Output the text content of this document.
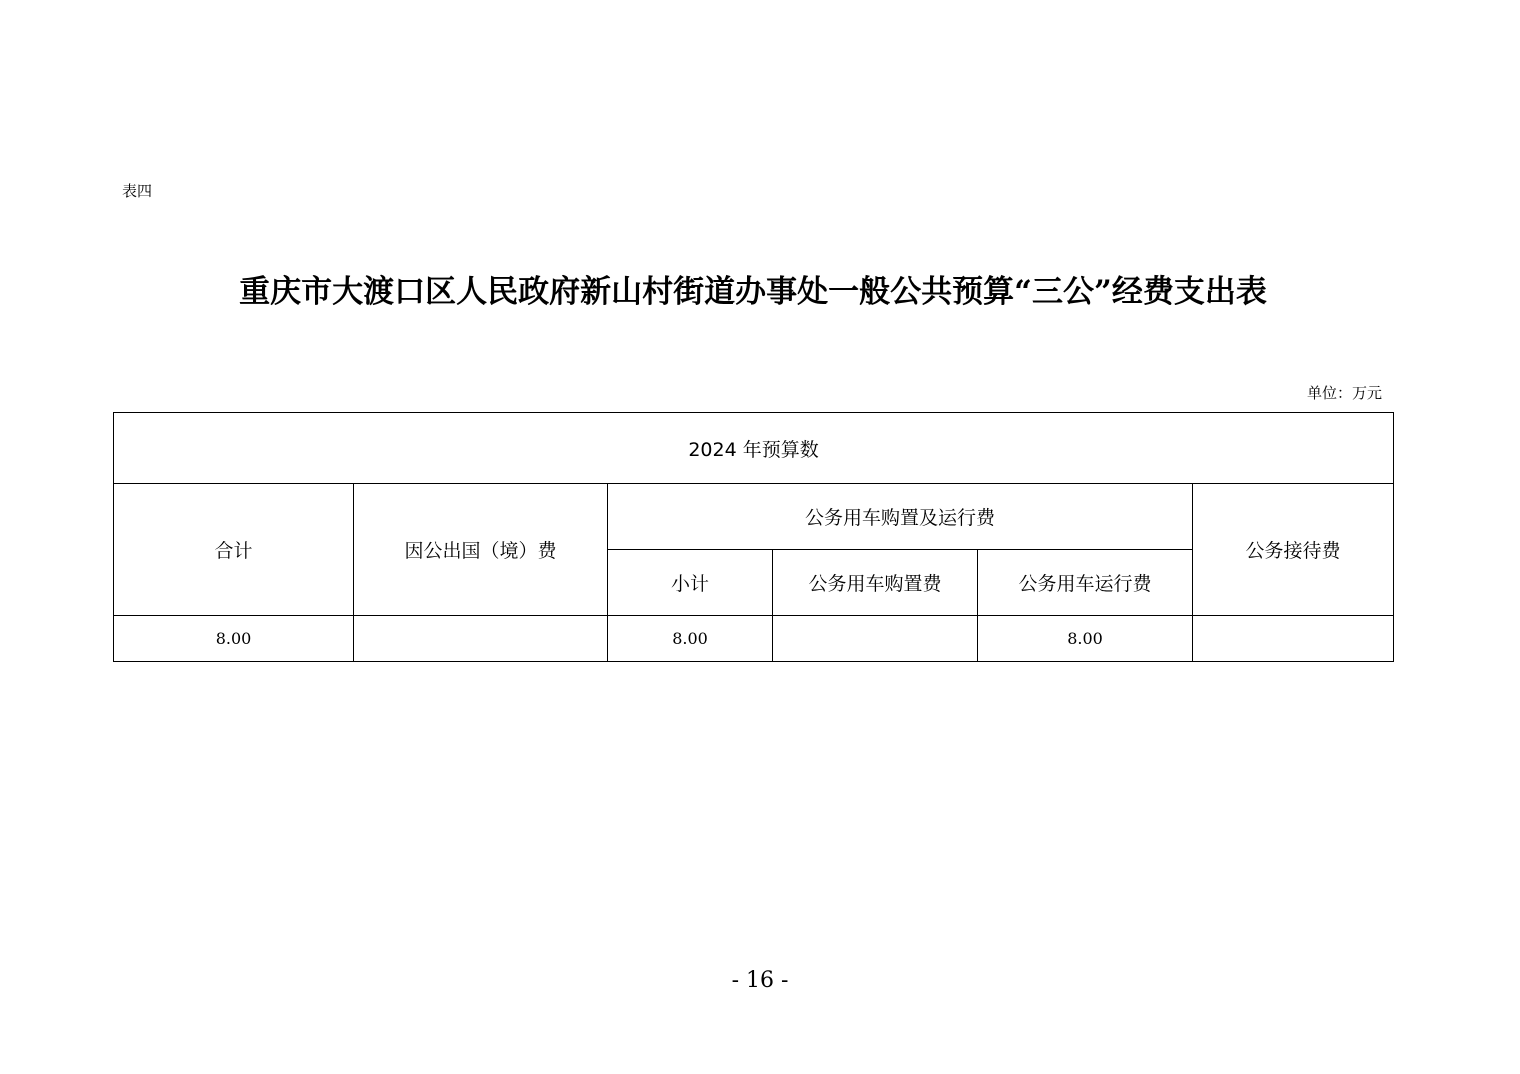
表四
重庆市大渡口区人民政府新山村街道办事处一般公共预算“三公”经费支出表
单位：万元
2024 年预算数					
合计	因公出国（境）费	公务用车购置及运行费			公务接待费
		小计	公务用车购置费	公务用车运行费	
8.00		8.00		8.00	
- 16 -
